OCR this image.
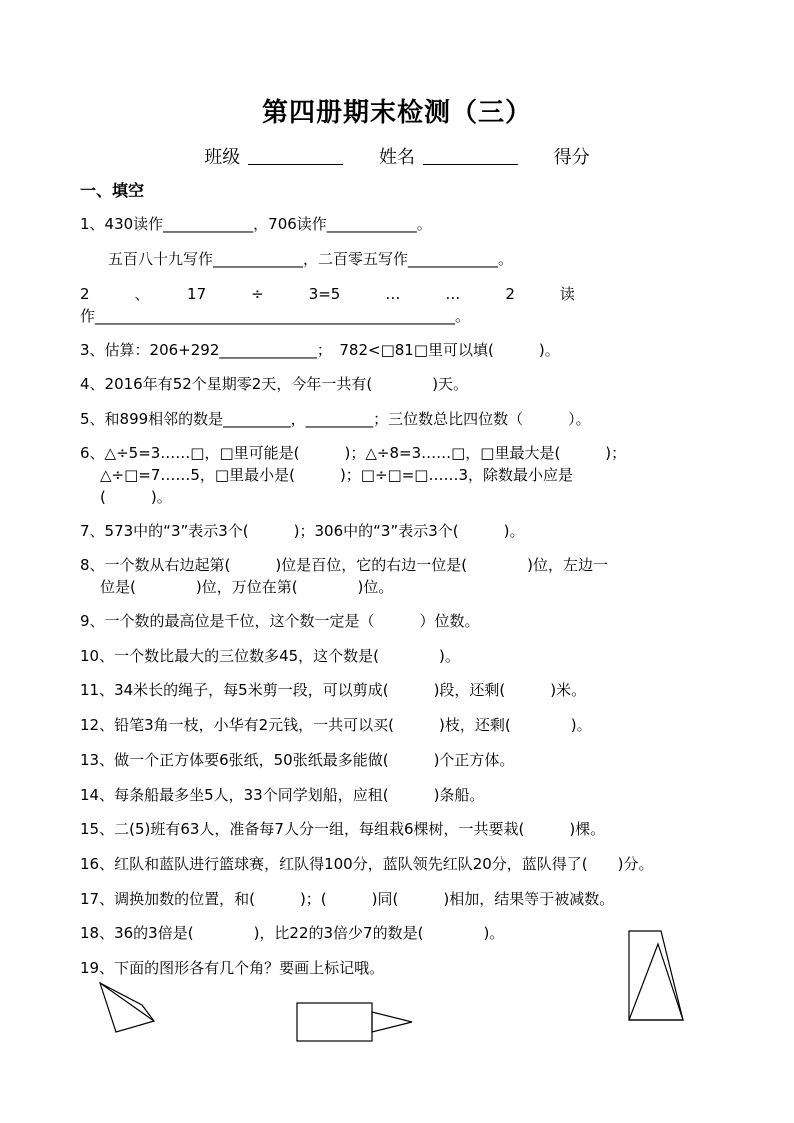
第四册期末检测（三）
班级	姓名	得分
一、填空
1、430读作____________，706读作____________。
五百八十九写作____________，二百零五写作____________。
2　　　、　　　17　　　÷　　　3=5　　　…　　　…　　　2　　　读
作________________________________________________。
3、估算：206+292_____________；　782<□81□里可以填(　　　)。
4、2016年有52个星期零2天，今年一共有(　　　　)天。
5、和899相邻的数是_________，_________；三位数总比四位数（　　　）。
6、△÷5=3……□，□里可能是(　　　)；△÷8=3……□，□里最大是(　　　)；
△÷□=7……5，□里最小是(　　　)；□÷□=□……3，除数最小应是
(　　　)。
7、573中的“3”表示3个(　　　)；306中的“3”表示3个(　　　)。
8、一个数从右边起第(　　　)位是百位，它的右边一位是(　　　　)位，左边一
位是(　　　　)位，万位在第(　　　　)位。
9、一个数的最高位是千位，这个数一定是（　　　）位数。
10、一个数比最大的三位数多45，这个数是(　　　　)。
11、34米长的绳子，每5米剪一段，可以剪成(　　　)段，还剩(　　　)米。
12、铅笔3角一枝，小华有2元钱，一共可以买(　　　)枝，还剩(　　　　)。
13、做一个正方体要6张纸，50张纸最多能做(　　　)个正方体。
14、每条船最多坐5人，33个同学划船，应租(　　　)条船。
15、二(5)班有63人，准备每7人分一组，每组栽6棵树，一共要栽(　　　)棵。
16、红队和蓝队进行篮球赛，红队得100分，蓝队领先红队20分，蓝队得了(　　)分。
17、调换加数的位置，和(　　　)；(　　　)同(　　　)相加，结果等于被减数。
18、36的3倍是(　　　　)，比22的3倍少7的数是(　　　　)。
19、下面的图形各有几个角？要画上标记哦。
